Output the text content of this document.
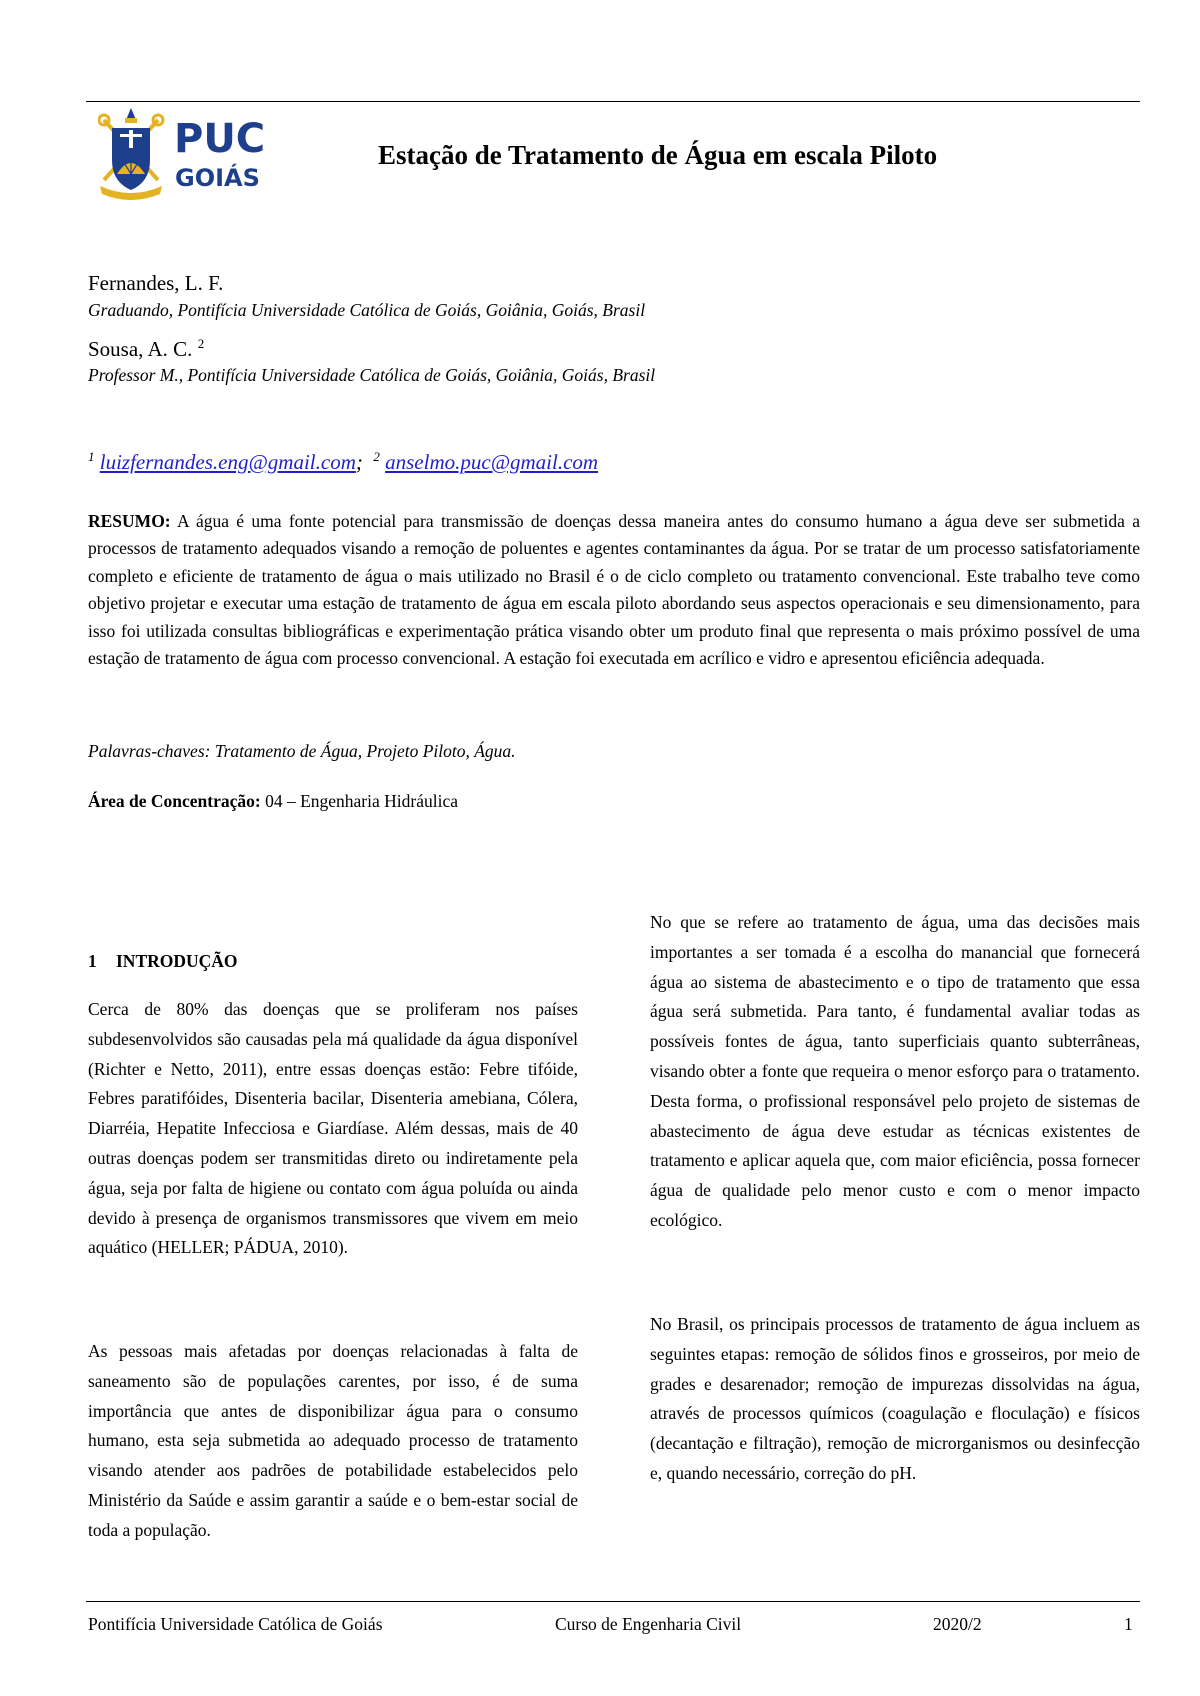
PUC
GOIÁS
Estação de Tratamento de Água em escala Piloto
Fernandes, L. F.
Graduando, Pontifícia Universidade Católica de Goiás, Goiânia, Goiás, Brasil
Sousa, A. C. $^2$
Professor M., Pontifícia Universidade Católica de Goiás, Goiânia, Goiás, Brasil
$^1$ luizfernandes.eng@gmail.com; $^2$ anselmo.puc@gmail.com

RESUMO: A água é uma fonte potencial para transmissão de doenças dessa maneira antes do consumo humano a água deve ser submetida a processos de tratamento adequados visando a remoção de poluentes e agentes contaminantes da água. Por se tratar de um processo satisfatoriamente completo e eficiente de tratamento de água o mais utilizado no Brasil é o de ciclo completo ou tratamento convencional. Este trabalho teve como objetivo projetar e executar uma estação de tratamento de água em escala piloto abordando seus aspectos operacionais e seu dimensionamento, para isso foi utilizada consultas bibliográficas e experimentação prática visando obter um produto final que representa o mais próximo possível de uma estação de tratamento de água com processo convencional. A estação foi executada em acrílico e vidro e apresentou eficiência adequada.

Palavras-chaves: Tratamento de Água, Projeto Piloto, Água.
Área de Concentração: 04 – Engenharia Hidráulica
1 INTRODUÇÃO

Cerca de 80% das doenças que se proliferam nos países subdesenvolvidos são causadas pela má qualidade da água disponível (Richter e Netto, 2011), entre essas doenças estão: Febre tifóide, Febres paratifóides, Disenteria bacilar, Disenteria amebiana, Cólera, Diarréia, Hepatite Infecciosa e Giardíase. Além dessas, mais de 40 outras doenças podem ser transmitidas direto ou indiretamente pela água, seja por falta de higiene ou contato com água poluída ou ainda devido à presença de organismos transmissores que vivem em meio aquático (HELLER; PÁDUA, 2010).

As pessoas mais afetadas por doenças relacionadas à falta de saneamento são de populações carentes, por isso, é de suma importância que antes de disponibilizar água para o consumo humano, esta seja submetida ao adequado processo de tratamento visando atender aos padrões de potabilidade estabelecidos pelo Ministério da Saúde e assim garantir a saúde e o bem-estar social de toda a população.

No que se refere ao tratamento de água, uma das decisões mais importantes a ser tomada é a escolha do manancial que fornecerá água ao sistema de abastecimento e o tipo de tratamento que essa água será submetida. Para tanto, é fundamental avaliar todas as possíveis fontes de água, tanto superficiais quanto subterrâneas, visando obter a fonte que requeira o menor esforço para o tratamento. Desta forma, o profissional responsável pelo projeto de sistemas de abastecimento de água deve estudar as técnicas existentes de tratamento e aplicar aquela que, com maior eficiência, possa fornecer água de qualidade pelo menor custo e com o menor impacto ecológico.

No Brasil, os principais processos de tratamento de água incluem as seguintes etapas: remoção de sólidos finos e grosseiros, por meio de grades e desarenador; remoção de impurezas dissolvidas na água, através de processos químicos (coagulação e floculação) e físicos (decantação e filtração), remoção de microrganismos ou desinfecção e, quando necessário, correção do pH.

Pontifícia Universidade Católica de Goiás	Curso de Engenharia Civil	2020/2	1
